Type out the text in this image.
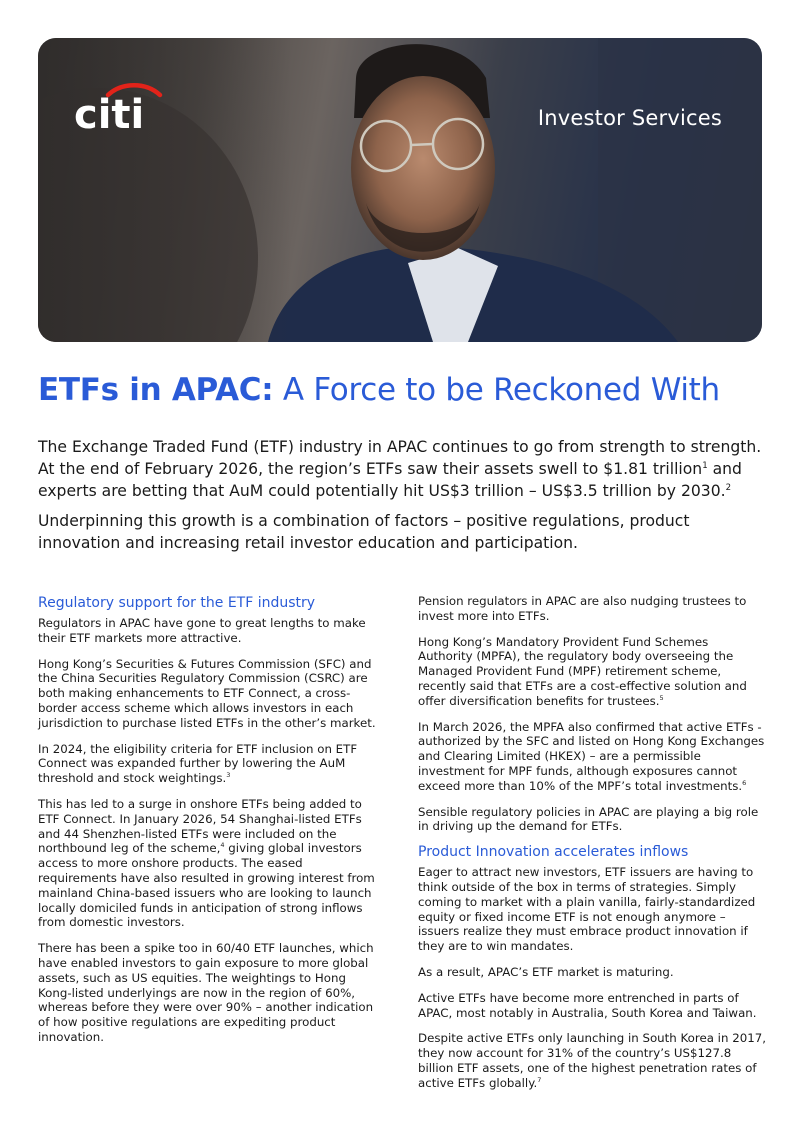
citi	Investor Services
ETFs in APAC: A Force to be Reckoned With

The Exchange Traded Fund (ETF) industry in APAC continues to go from strength to strength. At the end of February 2026, the region’s ETFs saw their assets swell to $1.81 trillion$^1$ and experts are betting that AuM could potentially hit US$3 trillion – US$3.5 trillion by 2030.$^2$

Underpinning this growth is a combination of factors – positive regulations, product innovation and increasing retail investor education and participation.

Regulatory support for the ETF industry

Regulators in APAC have gone to great lengths to make their ETF markets more attractive.

Hong Kong’s Securities & Futures Commission (SFC) and the China Securities Regulatory Commission (CSRC) are both making enhancements to ETF Connect, a cross-border access scheme which allows investors in each jurisdiction to purchase listed ETFs in the other’s market.

In 2024, the eligibility criteria for ETF inclusion on ETF Connect was expanded further by lowering the AuM threshold and stock weightings.$^3$

This has led to a surge in onshore ETFs being added to ETF Connect. In January 2026, 54 Shanghai-listed ETFs and 44 Shenzhen-listed ETFs were included on the northbound leg of the scheme,$^4$ giving global investors access to more onshore products. The eased requirements have also resulted in growing interest from mainland China-based issuers who are looking to launch locally domiciled funds in anticipation of strong inflows from domestic investors.

There has been a spike too in 60/40 ETF launches, which have enabled investors to gain exposure to more global assets, such as US equities. The weightings to Hong Kong-listed underlyings are now in the region of 60%, whereas before they were over 90% – another indication of how positive regulations are expediting product innovation.

Pension regulators in APAC are also nudging trustees to invest more into ETFs.

Hong Kong’s Mandatory Provident Fund Schemes Authority (MPFA), the regulatory body overseeing the Managed Provident Fund (MPF) retirement scheme, recently said that ETFs are a cost-effective solution and offer diversification benefits for trustees.$^5$

In March 2026, the MPFA also confirmed that active ETFs - authorized by the SFC and listed on Hong Kong Exchanges and Clearing Limited (HKEX) – are a permissible investment for MPF funds, although exposures cannot exceed more than 10% of the MPF’s total investments.$^6$

Sensible regulatory policies in APAC are playing a big role in driving up the demand for ETFs.

Product Innovation accelerates inflows

Eager to attract new investors, ETF issuers are having to think outside of the box in terms of strategies. Simply coming to market with a plain vanilla, fairly-standardized equity or fixed income ETF is not enough anymore – issuers realize they must embrace product innovation if they are to win mandates.

As a result, APAC’s ETF market is maturing.

Active ETFs have become more entrenched in parts of APAC, most notably in Australia, South Korea and Taiwan.

Despite active ETFs only launching in South Korea in 2017, they now account for 31% of the country’s US$127.8 billion ETF assets, one of the highest penetration rates of active ETFs globally.$^7$
